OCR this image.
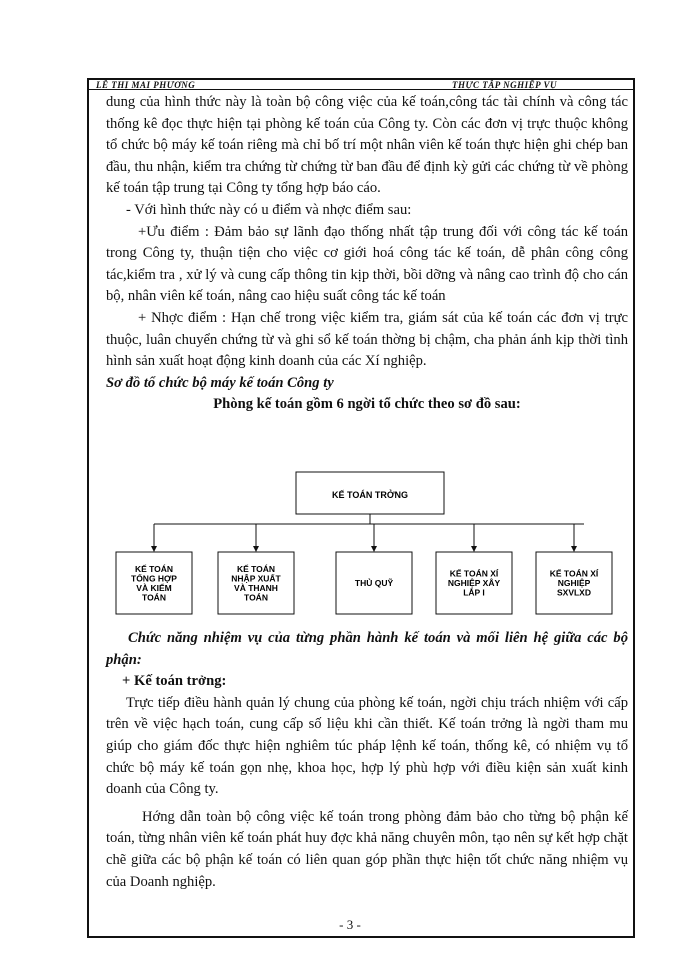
LÊ THỊ MAI PHƯƠNG	THỰC TẬP NGHIỆP VỤ

dung của hình thức này là toàn bộ công việc của kế toán,công tác tài chính và công tác thống kê đọc thực hiện tại phòng kế toán của Công ty. Còn các đơn vị trực thuộc không tổ chức bộ máy kế toán riêng mà chỉ bố trí một nhân viên kế toán thực hiện ghi chép ban đầu, thu nhận, kiểm tra chứng từ chứng từ ban đầu để định kỳ gửi các chứng từ về phòng kế toán tập trung tại Công ty tổng hợp báo cáo.

- Với hình thức này có u điểm và nhợc điểm sau:

+Ưu điểm : Đảm bảo sự lãnh đạo thống nhất tập trung đối với công tác kế toán trong Công ty, thuận tiện cho việc cơ giới hoá công tác kế toán, dễ phân công công tác,kiểm tra , xử lý và cung cấp thông tin kịp thời, bồi dỡng và nâng cao trình độ cho cán bộ, nhân viên kế toán, nâng cao hiệu suất công tác kế toán

+ Nhợc điểm : Hạn chế trong việc kiểm tra, giám sát của kế toán các đơn vị trực thuộc, luân chuyển chứng từ và ghi sổ kế toán thờng bị chậm, cha phản ánh kịp thời tình hình sản xuất hoạt động kinh doanh của các Xí nghiệp.

Sơ đồ tổ chức bộ máy kế toán Công ty

Phòng kế toán gồm 6 ngời tổ chức theo sơ đồ sau:

KẾ TOÁN TRỞNG
KẾ TOÁN
TỔNG HỢP
VÀ KIỂM
TOÁN
KẾ TOÁN
NHẬP XUẤT
VÀ THANH
TOÁN
THỦ QUỸ
KẾ TOÁN XÍ
NGHIỆP XÂY
LẮP I
KẾ TOÁN XÍ
NGHIỆP
SXVLXD

Chức năng nhiệm vụ của từng phần hành kế toán và mối liên hệ giữa các bộ phận:

+ Kế toán trởng:

Trực tiếp điều hành quản lý chung của phòng kế toán, ngời chịu trách nhiệm với cấp trên về việc hạch toán, cung cấp số liệu khi cần thiết. Kế toán trởng là ngời tham mu giúp cho giám đốc thực hiện nghiêm túc pháp lệnh kế toán, thống kê, có nhiệm vụ tổ chức bộ máy kế toán gọn nhẹ, khoa học, hợp lý phù hợp với điều kiện sản xuất kinh doanh của Công ty.

Hớng dẫn toàn bộ công việc kế toán trong phòng đảm bảo cho từng bộ phận kế toán, từng nhân viên kế toán phát huy đợc khả năng chuyên môn, tạo nên sự kết hợp chặt chẽ giữa các bộ phận kế toán có liên quan góp phần thực hiện tốt chức năng nhiệm vụ của Doanh nghiệp.

- 3 -
